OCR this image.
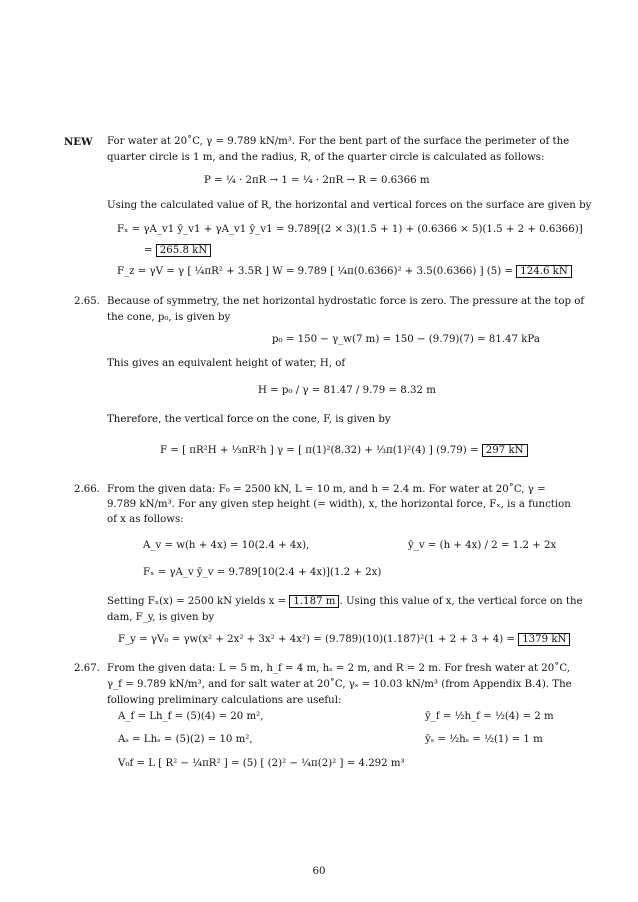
NEW For water at 20˚C, γ = 9.789 kN/m³. For the bent part of the surface the perimeter of the
quarter circle is 1 m, and the radius, R, of the quarter circle is calculated as follows:
P = ¼ · 2πR → 1 = ¼ · 2πR → R = 0.6366 m
Using the calculated value of R, the horizontal and vertical forces on the surface are given by
Fₓ = γA_v1 ȳ_v1 + γA_v1 ȳ_v1 = 9.789[(2 × 3)(1.5 + 1) + (0.6366 × 5)(1.5 + 2 + 0.6366)]
= 265.8 kN
F_z = γV = γ [ ¼πR² + 3.5R ] W = 9.789 [ ¼π(0.6366)² + 3.5(0.6366) ] (5) = 124.6 kN
2.65. Because of symmetry, the net horizontal hydrostatic force is zero. The pressure at the top of
the cone, p₀, is given by
p₀ = 150 − γ_w(7 m) = 150 − (9.79)(7) = 81.47 kPa
This gives an equivalent height of water, H, of
H = p₀ / γ = 81.47 / 9.79 = 8.32 m
Therefore, the vertical force on the cone, F, is given by
F = [ πR²H + ⅓πR²h ] γ = [ π(1)²(8.32) + ⅓π(1)²(4) ] (9.79) = 297 kN
2.66. From the given data: F₀ = 2500 kN, L = 10 m, and h = 2.4 m. For water at 20˚C, γ =
9.789 kN/m³. For any given step height (= width), x, the horizontal force, Fₓ, is a function
of x as follows:
A_v = w(h + 4x) = 10(2.4 + 4x),	ȳ_v = (h + 4x) / 2 = 1.2 + 2x
Fₓ = γA_v ȳ_v = 9.789[10(2.4 + 4x)](1.2 + 2x)
Setting Fₓ(x) = 2500 kN yields x = 1.187 m . Using this value of x, the vertical force on the
dam, F_y, is given by
F_y = γV₀ = γw(x² + 2x² + 3x² + 4x²) = (9.789)(10)(1.187)²(1 + 2 + 3 + 4) = 1379 kN
2.67. From the given data: L = 5 m, h_f = 4 m, hₛ = 2 m, and R = 2 m. For fresh water at 20˚C,
γ_f = 9.789 kN/m³, and for salt water at 20˚C, γₛ = 10.03 kN/m³ (from Appendix B.4). The
following preliminary calculations are useful:
A_f = Lh_f = (5)(4) = 20 m²,	ȳ_f = ½h_f = ½(4) = 2 m
Aₛ = Lhₛ = (5)(2) = 10 m²,	ȳₛ = ½hₛ = ½(1) = 1 m
V₀f = L [ R² − ¼πR² ] = (5) [ (2)² − ¼π(2)² ] = 4.292 m³
60
